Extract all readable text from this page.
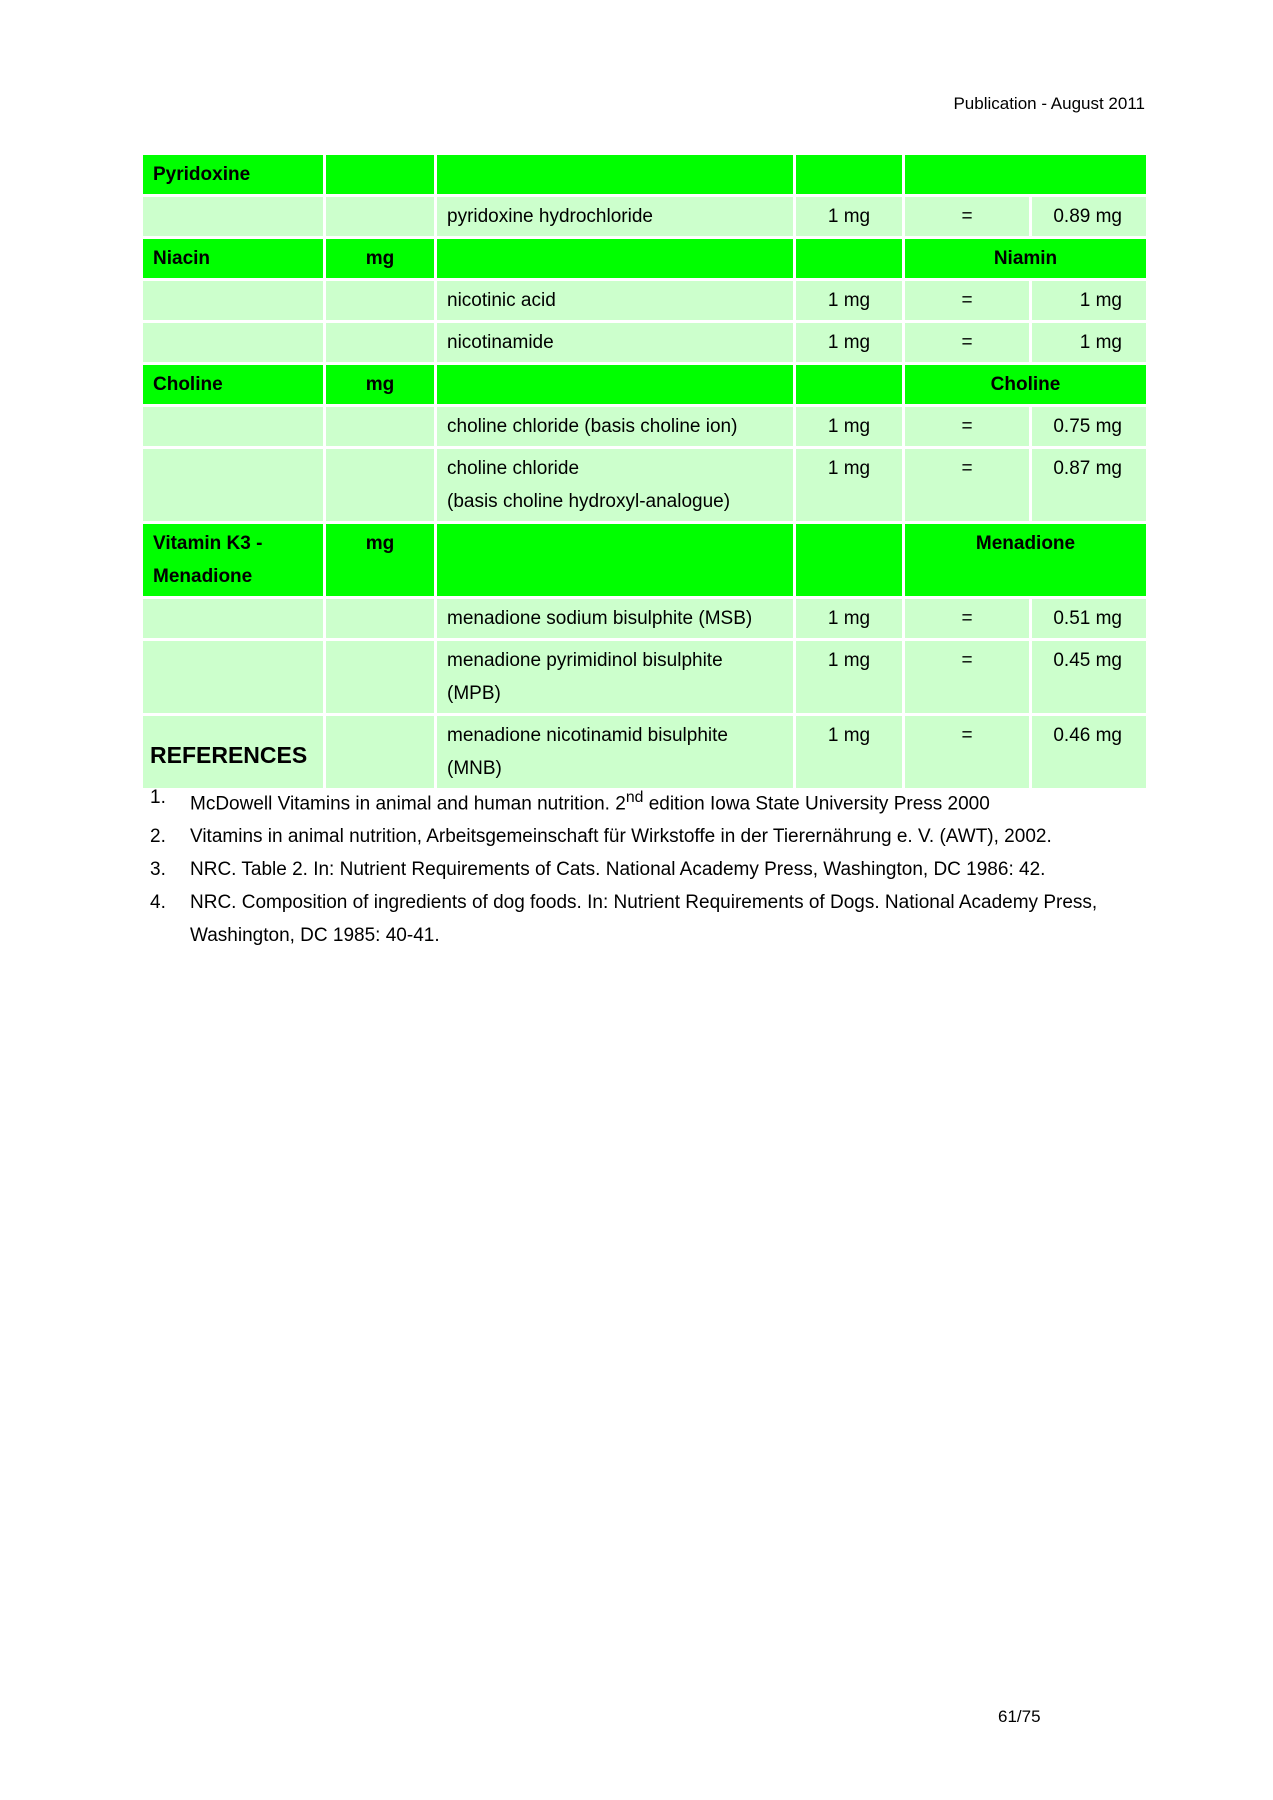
Publication - August 2011
Pyridoxine					
		pyridoxine hydrochloride	1 mg	=	0.89 mg
Niacin	mg			Niamin	
		nicotinic acid	1 mg	=	1 mg
		nicotinamide	1 mg	=	1 mg
Choline	mg			Choline	
		choline chloride (basis choline ion)	1 mg	=	0.75 mg
		choline chloride
(basis choline hydroxyl-analogue)	1 mg	=	0.87 mg
Vitamin K3 -
Menadione	mg			Menadione	
		menadione sodium bisulphite (MSB)	1 mg	=	0.51 mg
		menadione pyrimidinol bisulphite
(MPB)	1 mg	=	0.45 mg
		menadione nicotinamid bisulphite
(MNB)	1 mg	=	0.46 mg
REFERENCES
1. McDowell Vitamins in animal and human nutrition. 2nd edition Iowa State University Press 2000
2. Vitamins in animal nutrition, Arbeitsgemeinschaft für Wirkstoffe in der Tierernährung e. V. (AWT), 2002.
3. NRC. Table 2. In: Nutrient Requirements of Cats. National Academy Press, Washington, DC 1986: 42.
4. NRC. Composition of ingredients of dog foods. In: Nutrient Requirements of Dogs. National Academy Press, Washington, DC 1985: 40-41.
61/75
